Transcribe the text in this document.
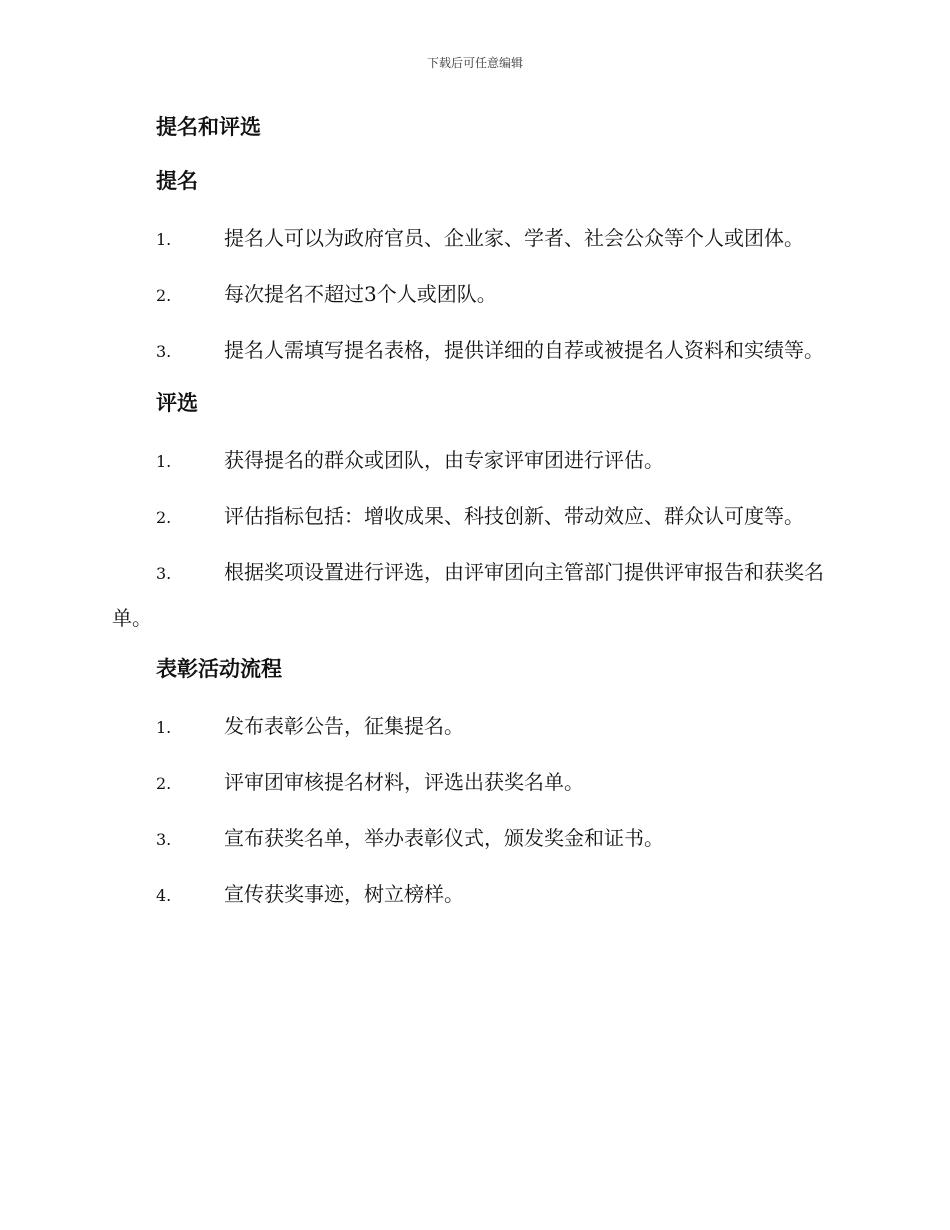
下载后可任意编辑
提名和评选
提名
1.	提名人可以为政府官员、企业家、学者、社会公众等个人或团体。
2.	每次提名不超过3个人或团队。
3.	提名人需填写提名表格，提供详细的自荐或被提名人资料和实绩等。
评选
1.	获得提名的群众或团队，由专家评审团进行评估。
2.	评估指标包括：增收成果、科技创新、带动效应、群众认可度等。
3.	根据奖项设置进行评选，由评审团向主管部门提供评审报告和获奖名单。
表彰活动流程
1.	发布表彰公告，征集提名。
2.	评审团审核提名材料，评选出获奖名单。
3.	宣布获奖名单，举办表彰仪式，颁发奖金和证书。
4.	宣传获奖事迹，树立榜样。
